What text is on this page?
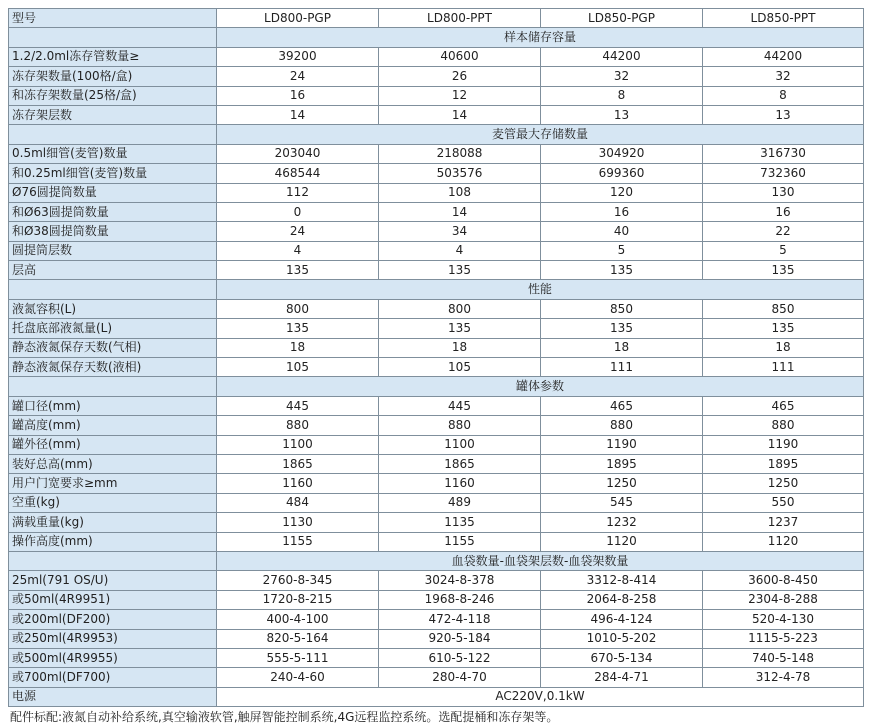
型号	LD800-PGP	LD800-PPT	LD850-PGP	LD850-PPT
	样本储存容量			
1.2/2.0ml冻存管数量≥	39200	40600	44200	44200
冻存架数量(100格/盒)	24	26	32	32
和冻存架数量(25格/盒)	16	12	8	8
冻存架层数	14	14	13	13
	麦管最大存储数量			
0.5ml细管(麦管)数量	203040	218088	304920	316730
和0.25ml细管(麦管)数量	468544	503576	699360	732360
Ø76圆提筒数量	112	108	120	130
和Ø63圆提筒数量	0	14	16	16
和Ø38圆提筒数量	24	34	40	22
圆提筒层数	4	4	5	5
层高	135	135	135	135
	性能			
液氮容积(L)	800	800	850	850
托盘底部液氮量(L)	135	135	135	135
静态液氮保存天数(气相)	18	18	18	18
静态液氮保存天数(液相)	105	105	111	111
	罐体参数			
罐口径(mm)	445	445	465	465
罐高度(mm)	880	880	880	880
罐外径(mm)	1100	1100	1190	1190
装好总高(mm)	1865	1865	1895	1895
用户门宽要求≥mm	1160	1160	1250	1250
空重(kg)	484	489	545	550
满载重量(kg)	1130	1135	1232	1237
操作高度(mm)	1155	1155	1120	1120
	血袋数量-血袋架层数-血袋架数量			
25ml(791 OS/U)	2760-8-345	3024-8-378	3312-8-414	3600-8-450
或50ml(4R9951)	1720-8-215	1968-8-246	2064-8-258	2304-8-288
或200ml(DF200)	400-4-100	472-4-118	496-4-124	520-4-130
或250ml(4R9953)	820-5-164	920-5-184	1010-5-202	1115-5-223
或500ml(4R9955)	555-5-111	610-5-122	670-5-134	740-5-148
或700ml(DF700)	240-4-60	280-4-70	284-4-71	312-4-78
电源	AC220V,0.1kW			
配件标配:液氮自动补给系统,真空输液软管,触屏智能控制系统,4G远程监控系统。选配提桶和冻存架等。
